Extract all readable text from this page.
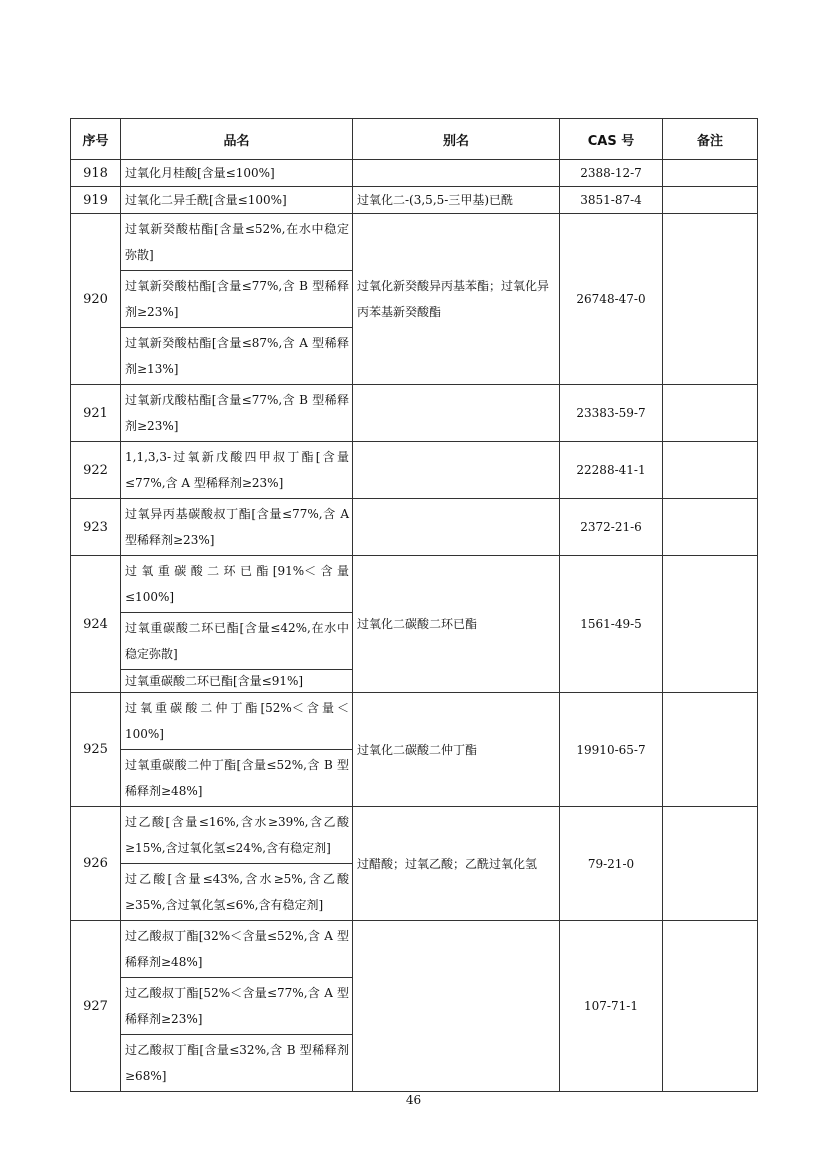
序号	品名	别名	CAS 号	备注
918	过氧化月桂酸[含量≤100%]		2388-12-7	
919	过氧化二异壬酰[含量≤100%]	过氧化二-(3,5,5-三甲基)已酰	3851-87-4	
920	过氧新癸酸枯酯[含量≤52%,在水中稳定弥散]	过氧化新癸酸异丙基苯酯；过氧化异丙苯基新癸酸酯	26748-47-0	
	过氧新癸酸枯酯[含量≤77%,含 B 型稀释剂≥23%]			
	过氧新癸酸枯酯[含量≤87%,含 A 型稀释剂≥13%]			
921	过氧新戊酸枯酯[含量≤77%,含 B 型稀释剂≥23%]		23383-59-7	
922	1,1,3,3-过氧新戊酸四甲叔丁酯[含量≤77%,含 A 型稀释剂≥23%]		22288-41-1	
923	过氧异丙基碳酸叔丁酯[含量≤77%,含 A 型稀释剂≥23%]		2372-21-6	
924	过氧重碳酸二环已酯[91%＜含量≤100%]	过氧化二碳酸二环已酯	1561-49-5	
	过氧重碳酸二环已酯[含量≤42%,在水中稳定弥散]			
	过氧重碳酸二环已酯[含量≤91%]			
925	过氧重碳酸二仲丁酯[52%＜含量＜100%]	过氧化二碳酸二仲丁酯	19910-65-7	
	过氧重碳酸二仲丁酯[含量≤52%,含 B 型稀释剂≥48%]			
926	过乙酸[含量≤16%,含水≥39%,含乙酸≥15%,含过氧化氢≤24%,含有稳定剂]	过醋酸；过氧乙酸；乙酰过氧化氢	79-21-0	
	过乙酸[含量≤43%,含水≥5%,含乙酸≥35%,含过氧化氢≤6%,含有稳定剂]			
927	过乙酸叔丁酯[32%＜含量≤52%,含 A 型稀释剂≥48%]		107-71-1	
	过乙酸叔丁酯[52%＜含量≤77%,含 A 型稀释剂≥23%]			
	过乙酸叔丁酯[含量≤32%,含 B 型稀释剂≥68%]			
46
